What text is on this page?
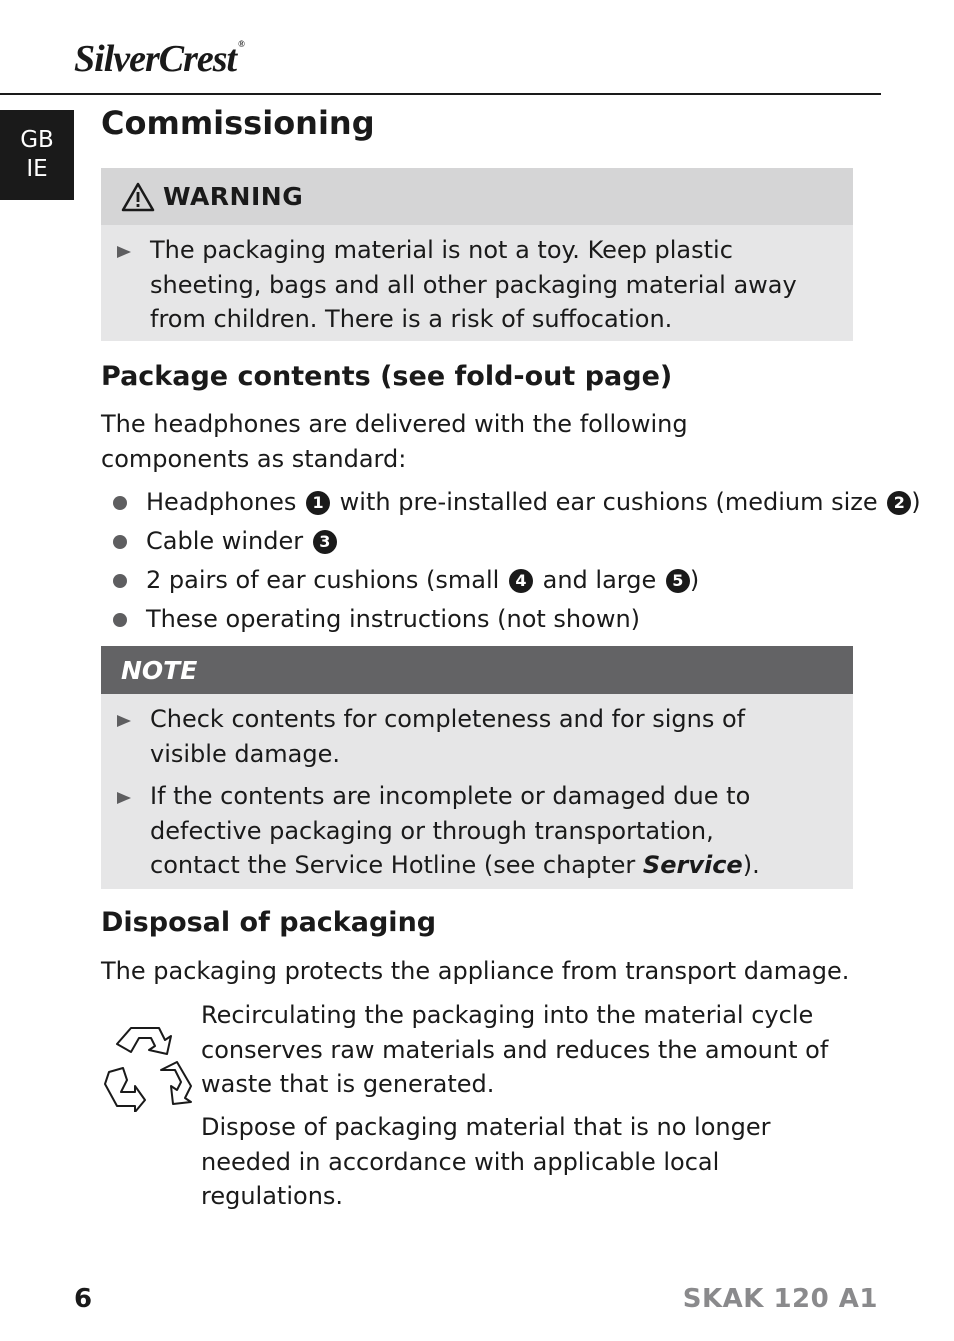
SilverCrest ®
GB
IE
Commissioning
WARNING
The packaging material is not a toy. Keep plastic sheeting, bags and all other packaging material away from children. There is a risk of suffocation.
Package contents (see fold-out page)
The headphones are delivered with the following components as standard:
Headphones 1 with pre-installed ear cushions (medium size 2 )
Cable winder 3
2 pairs of ear cushions (small 4 and large 5 )
These operating instructions (not shown)
NOTE
Check contents for completeness and for signs of visible damage.
If the contents are incomplete or damaged due to defective packaging or through transportation, contact the Service Hotline (see chapter Service).
Disposal of packaging
The packaging protects the appliance from transport damage.
Recirculating the packaging into the material cycle conserves raw materials and reduces the amount of waste that is generated.
Dispose of packaging material that is no longer needed in accordance with applicable local regulations.
6	SKAK 120 A1
